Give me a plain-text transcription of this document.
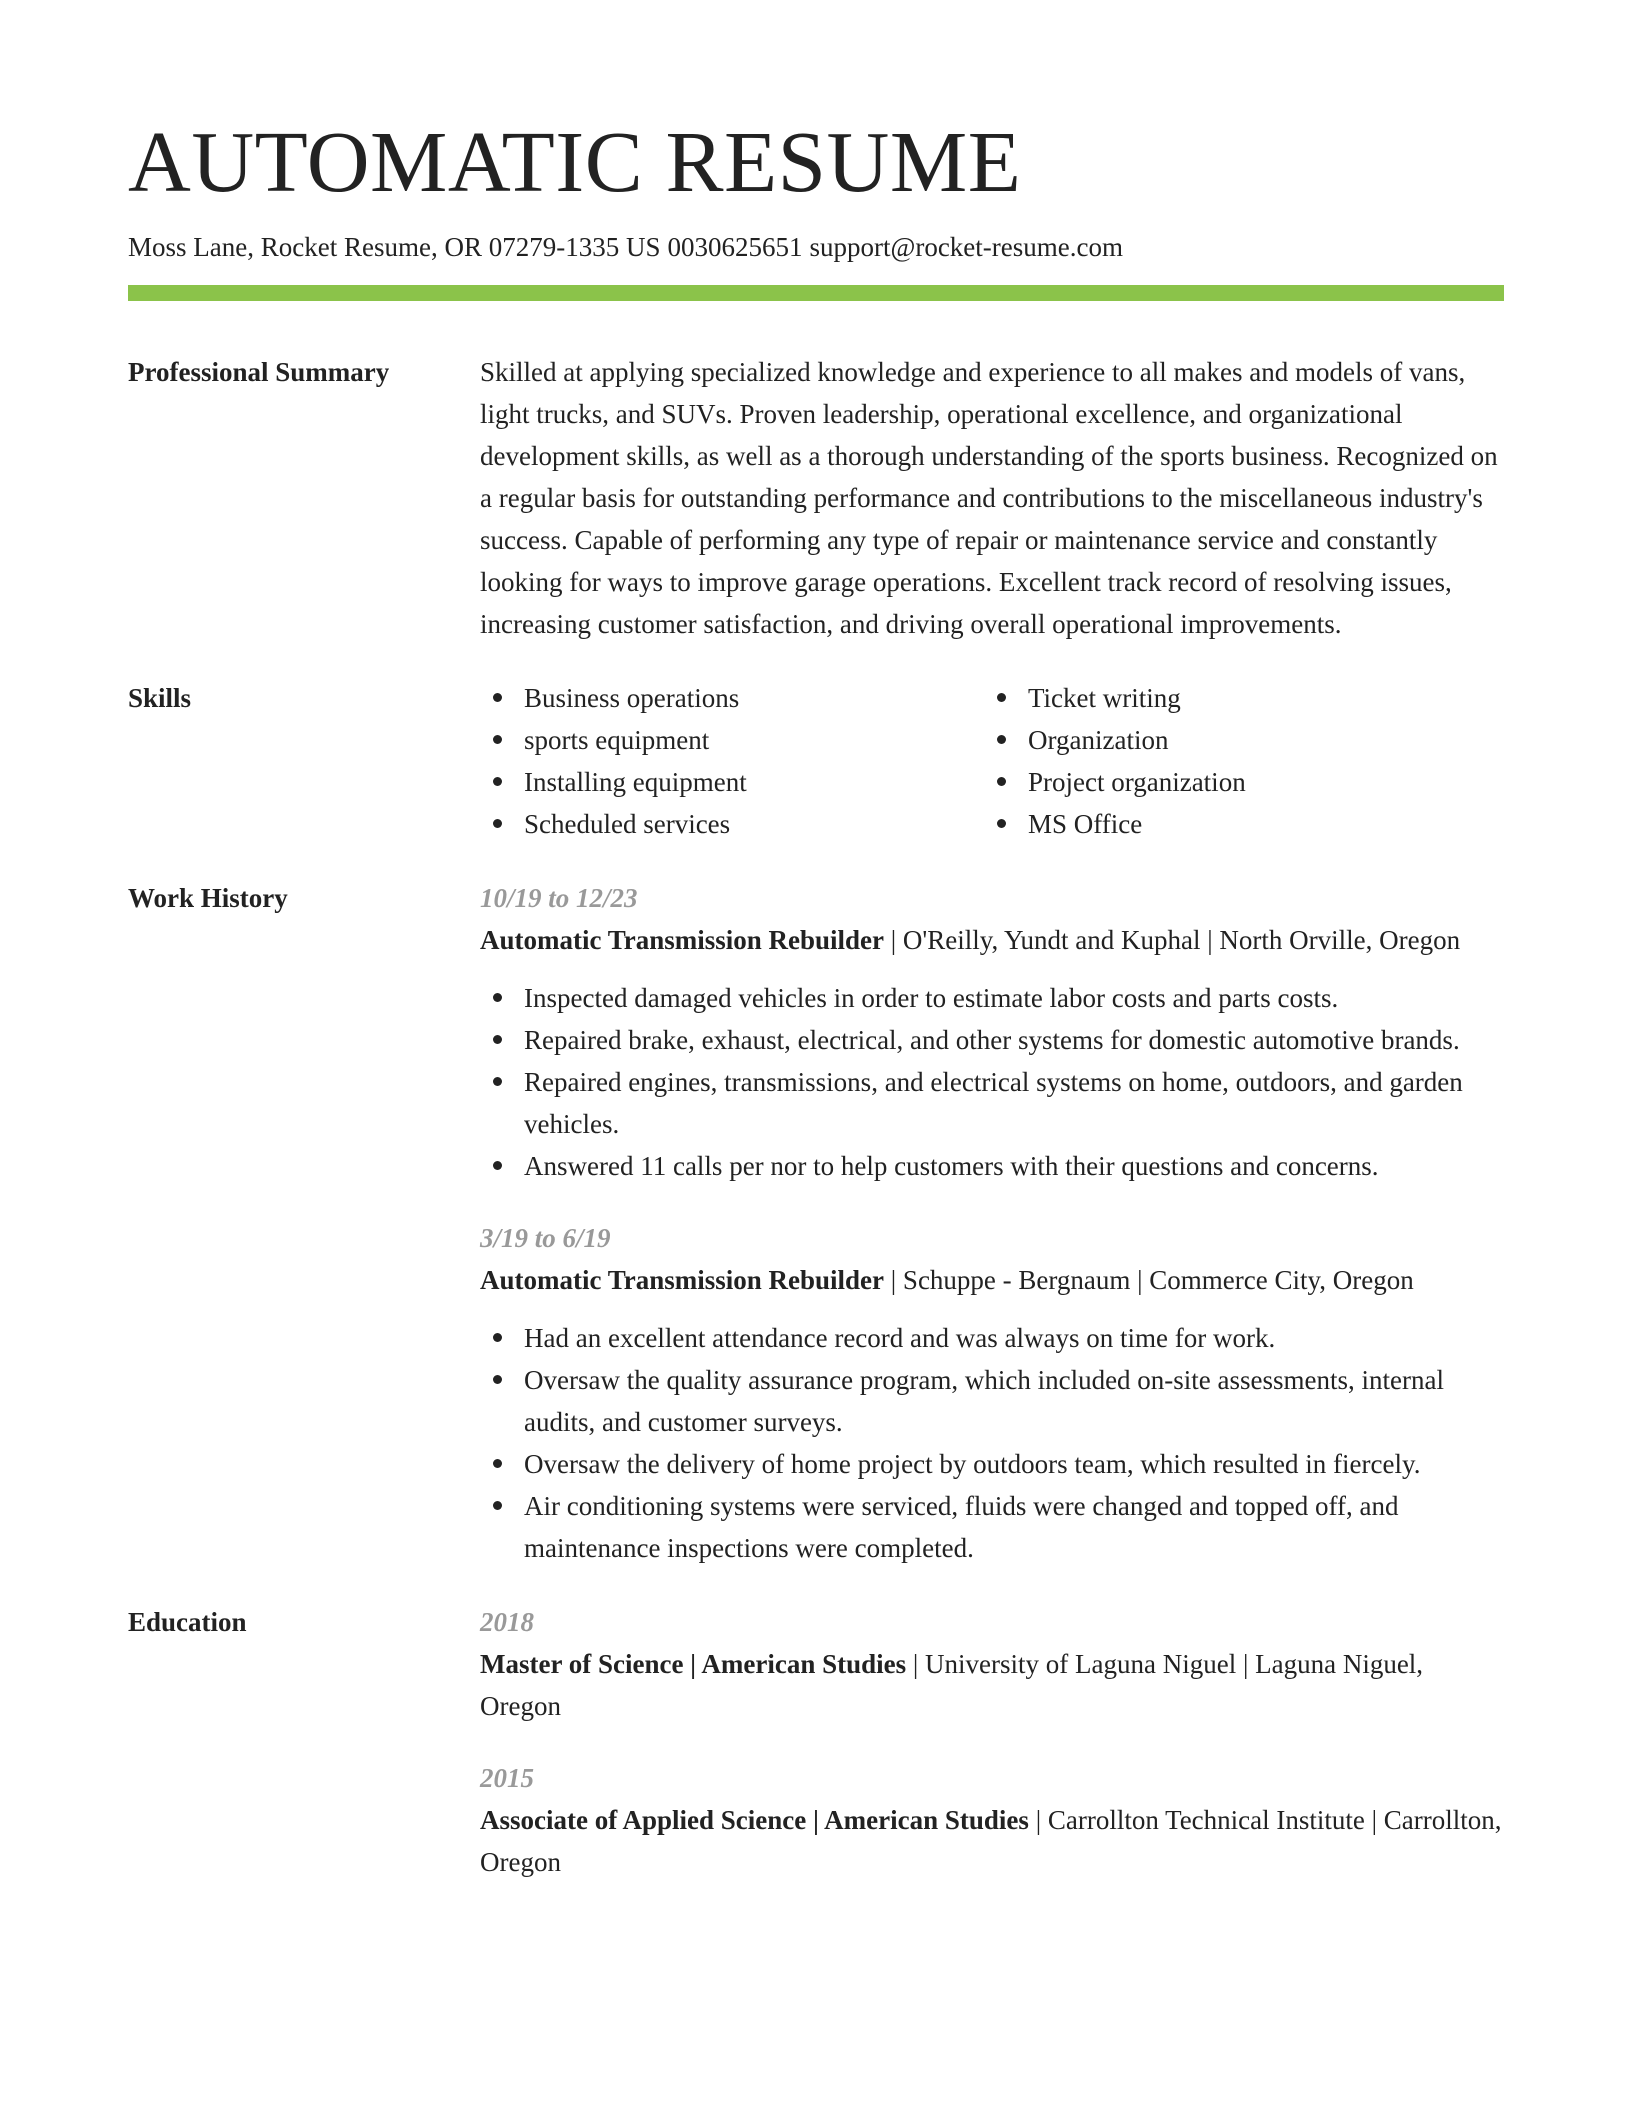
AUTOMATIC RESUME
Moss Lane, Rocket Resume, OR 07279-1335 US 0030625651 support@rocket-resume.com
Professional Summary	Skilled at applying specialized knowledge and experience to all makes and models of vans, light trucks, and SUVs. Proven leadership, operational excellence, and organizational development skills, as well as a thorough understanding of the sports business. Recognized on a regular basis for outstanding performance and contributions to the miscellaneous industry's success. Capable of performing any type of repair or maintenance service and constantly looking for ways to improve garage operations. Excellent track record of resolving issues, increasing customer satisfaction, and driving overall operational improvements.
Skills	Business operations
sports equipment
Installing equipment
Scheduled services
Ticket writing
Organization
Project organization
MS Office
Work History	10/19 to 12/23
Automatic Transmission Rebuilder | O'Reilly, Yundt and Kuphal | North Orville, Oregon
Inspected damaged vehicles in order to estimate labor costs and parts costs.
Repaired brake, exhaust, electrical, and other systems for domestic automotive brands.
Repaired engines, transmissions, and electrical systems on home, outdoors, and garden vehicles.
Answered 11 calls per nor to help customers with their questions and concerns.
3/19 to 6/19
Automatic Transmission Rebuilder | Schuppe - Bergnaum | Commerce City, Oregon
Had an excellent attendance record and was always on time for work.
Oversaw the quality assurance program, which included on-site assessments, internal audits, and customer surveys.
Oversaw the delivery of home project by outdoors team, which resulted in fiercely.
Air conditioning systems were serviced, fluids were changed and topped off, and maintenance inspections were completed.
Education	2018
Master of Science | American Studies | University of Laguna Niguel | Laguna Niguel, Oregon
2015
Associate of Applied Science | American Studies | Carrollton Technical Institute | Carrollton, Oregon
